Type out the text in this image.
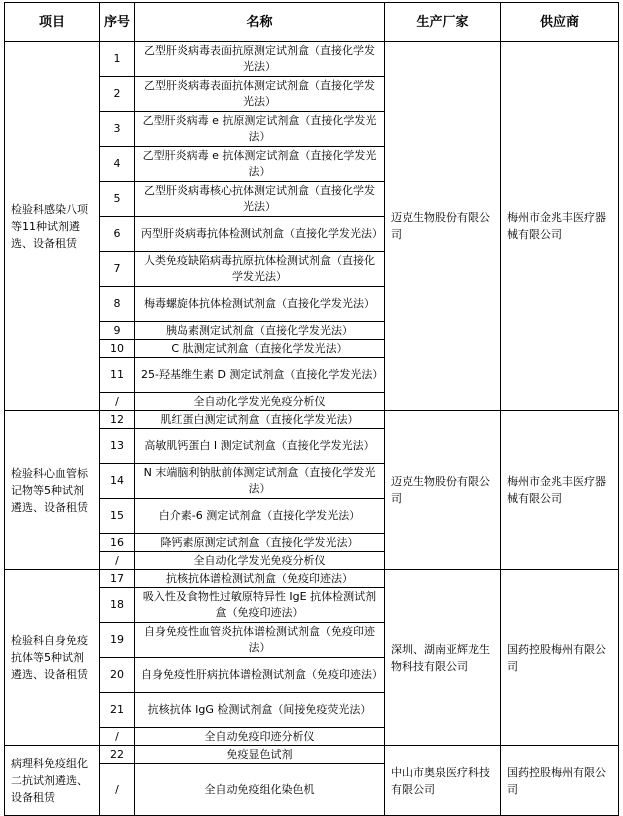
项目	序号	名称	生产厂家	供应商
检验科感染八项等11种试剂遴选、设备租赁	1	乙型肝炎病毒表面抗原测定试剂盒（直接化学发光法）	迈克生物股份有限公司	梅州市金兆丰医疗器械有限公司
	2	乙型肝炎病毒表面抗体测定试剂盒（直接化学发光法）		
	3	乙型肝炎病毒 e 抗原测定试剂盒（直接化学发光法）		
	4	乙型肝炎病毒 e 抗体测定试剂盒（直接化学发光法）		
	5	乙型肝炎病毒核心抗体测定试剂盒（直接化学发光法）		
	6	丙型肝炎病毒抗体检测试剂盒（直接化学发光法）		
	7	人类免疫缺陷病毒抗原抗体检测试剂盒（直接化学发光法）		
	8	梅毒螺旋体抗体检测试剂盒（直接化学发光法）		
	9	胰岛素测定试剂盒（直接化学发光法）		
	10	C 肽测定试剂盒（直接化学发光法）		
	11	25-羟基维生素 D 测定试剂盒（直接化学发光法）		
	/	全自动化学发光免疫分析仪		
检验科心血管标记物等5种试剂遴选、设备租赁	12	肌红蛋白测定试剂盒（直接化学发光法）	迈克生物股份有限公司	梅州市金兆丰医疗器械有限公司
	13	高敏肌钙蛋白 I 测定试剂盒（直接化学发光法）		
	14	N 末端脑利钠肽前体测定试剂盒（直接化学发光法）		
	15	白介素-6 测定试剂盒（直接化学发光法）		
	16	降钙素原测定试剂盒（直接化学发光法）		
	/	全自动化学发光免疫分析仪		
检验科自身免疫抗体等5种试剂遴选、设备租赁	17	抗核抗体谱检测试剂盒（免疫印迹法）	深圳、湖南亚辉龙生物科技有限公司	国药控股梅州有限公司
	18	吸入性及食物性过敏原特异性 IgE 抗体检测试剂盒（免疫印迹法）		
	19	自身免疫性血管炎抗体谱检测试剂盒（免疫印迹法）		
	20	自身免疫性肝病抗体谱检测试剂盒（免疫印迹法）		
	21	抗核抗体 IgG 检测试剂盒（间接免疫荧光法）		
	/	全自动免疫印迹分析仪		
病理科免疫组化二抗试剂遴选、设备租赁	22	免疫显色试剂	中山市奥泉医疗科技有限公司	国药控股梅州有限公司
	/	全自动免疫组化染色机		
